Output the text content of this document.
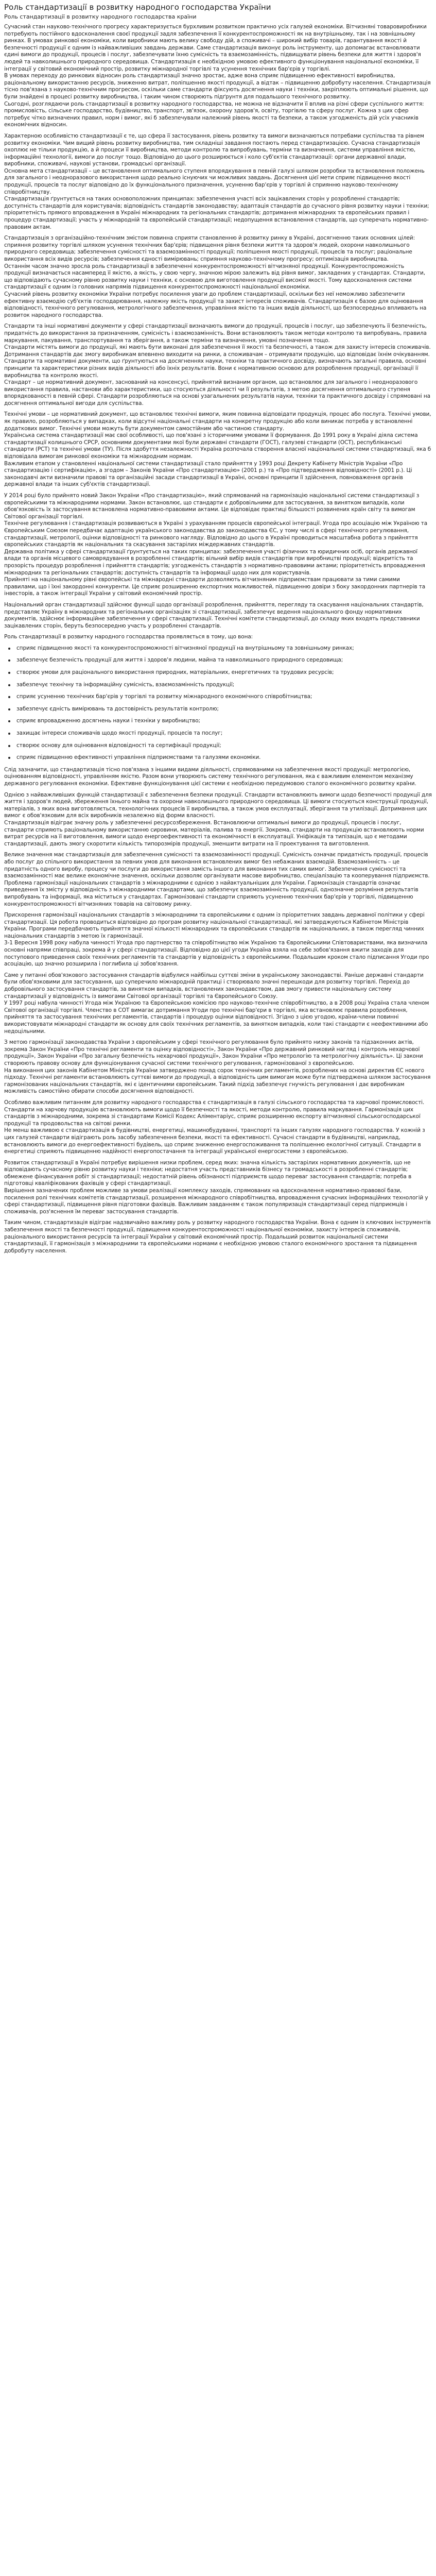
Роль стандартизації в розвитку народного господарства України
Роль стандартизації в розвитку народного господарства країни

Сучасний стан науково-технічного прогресу характеризується бурхливим розвитком практично усіх галузей економіки. Вітчизняні товаровиробники потребують постійного вдосконалення своєї продукції задля забезпечення її конкурентоспроможності як на внутрішньому, так і на зовнішньому ринках. В умовах ринкової економіки, коли виробники мають велику свободу дій, а споживачі – широкий вибір товарів, гарантування якості й безпечності продукції є одним із найважливіших завдань держави. Саме стандартизація виконує роль інструменту, що допомагає встановлювати єдині вимоги до продукції, процесів і послуг, забезпечувати їхню сумісність та взаємозамінність, підвищувати рівень безпеки для життя і здоров'я людей та навколишнього природного середовища. Стандартизація є необхідною умовою ефективного функціонування національної економіки, її інтеграції у світовий економічний простір, розвитку міжнародної торгівлі та усунення технічних бар'єрів у торгівлі.

В умовах переходу до ринкових відносин роль стандартизації значно зростає, адже вона сприяє підвищенню ефективності виробництва, раціональному використанню ресурсів, зниженню витрат, поліпшенню якості продукції, а відтак – підвищенню добробуту населення. Стандартизація тісно пов'язана з науково-технічним прогресом, оскільки саме стандарти фіксують досягнення науки і техніки, закріплюють оптимальні рішення, що були знайдені в процесі розвитку виробництва, і таким чином створюють підґрунтя для подальшого технічного розвитку.

Сьогодні, розглядаючи роль стандартизації в розвитку народного господарства, не можна не відзначити її вплив на різні сфери суспільного життя: промисловість, сільське господарство, будівництво, транспорт, зв'язок, охорону здоров'я, освіту, торгівлю та сферу послуг. Кожна з цих сфер потребує чітко визначених правил, норм і вимог, які б забезпечували належний рівень якості та безпеки, а також узгодженість дій усіх учасників економічних відносин.

Характерною особливістю стандартизації є те, що сфера її застосування, рівень розвитку та вимоги визначаються потребами суспільства та рівнем розвитку економіки. Чим вищий рівень розвитку виробництва, тим складніші завдання постають перед стандартизацією. Сучасна стандартизація охоплює не тільки продукцію, а й процеси її виробництва, методи контролю та випробувань, терміни та визначення, системи управління якістю, інформаційні технології, вимоги до послуг тощо. Відповідно до цього розширюється і коло суб'єктів стандартизації: органи державної влади, виробники, споживачі, наукові установи, громадські організації.

Основна мета стандартизації – це встановлення оптимального ступеня впорядкування в певній галузі шляхом розробки та встановлення положень для загального і неодноразового використання щодо реально існуючих чи можливих завдань. Досягнення цієї мети сприяє підвищенню якості продукції, процесів та послуг відповідно до їх функціонального призначення, усуненню бар'єрів у торгівлі й сприянню науково-технічному співробітництву.

Стандартизація ґрунтується на таких основоположних принципах: забезпечення участі всіх зацікавлених сторін у розробленні стандартів; доступність стандартів для користувачів; відповідність стандартів законодавству; адаптація стандартів до сучасного рівня розвитку науки і техніки; пріоритетність прямого впровадження в Україні міжнародних та регіональних стандартів; дотримання міжнародних та європейських правил і процедур стандартизації; участь у міжнародній та європейській стандартизації; недопущення встановлення стандартів, що суперечать нормативно-правовим актам.

Стандартизація з організаційно-технічним змістом повинна сприяти становленню й розвитку ринку в Україні, досягненню таких основних цілей: сприяння розвитку торгівлі шляхом усунення технічних бар'єрів; підвищення рівня безпеки життя та здоров'я людей, охорони навколишнього природного середовища; забезпечення сумісності та взаємозамінності продукції; поліпшення якості продукції, процесів та послуг; раціональне використання всіх видів ресурсів; забезпечення єдності вимірювань; сприяння науково-технічному прогресу; оптимізація виробництва.

Останнім часом значно зросла роль стандартизації в забезпеченні конкурентоспроможності вітчизняної продукції. Конкурентоспроможність продукції визначається насамперед її якістю, а якість, у свою чергу, значною мірою залежить від рівня вимог, закладених у стандартах. Стандарти, що відповідають сучасному рівню розвитку науки і техніки, є основою для виготовлення продукції високої якості. Тому вдосконалення системи стандартизації є одним із головних напрямів підвищення конкурентоспроможності національної економіки.

Сучасний рівень розвитку економіки України потребує посилення уваги до проблем стандартизації, оскільки без неї неможливо забезпечити ефективну взаємодію суб'єктів господарювання, належну якість продукції та захист інтересів споживачів. Стандартизація є базою для оцінювання відповідності, технічного регулювання, метрологічного забезпечення, управління якістю та інших видів діяльності, що безпосередньо впливають на розвиток народного господарства.

Стандарти та інші нормативні документи у сфері стандартизації визначають вимоги до продукції, процесів і послуг, що забезпечують її безпечність, придатність до використання за призначенням, сумісність і взаємозамінність. Вони встановлюють також методи контролю та випробувань, правила маркування, пакування, транспортування та зберігання, а також терміни та визначення, умовні позначення тощо.

Стандарти містять вимоги до продукції, які мають бути виконані для забезпечення її якості та безпечності, а також для захисту інтересів споживачів. Дотримання стандартів дає змогу виробникам впевнено виходити на ринки, а споживачам – отримувати продукцію, що відповідає їхнім очікуванням.

Стандарти та нормативні документи, що ґрунтуються на досягненнях науки, техніки та практичного досвіду, визначають загальні правила, основні принципи та характеристики різних видів діяльності або їхніх результатів. Вони є нормативною основою для розроблення продукції, організації її виробництва та контролю якості.

Стандарт – це нормативний документ, заснований на консенсусі, прийнятий визнаним органом, що встановлює для загального і неодноразового використання правила, настанови або характеристики, що стосуються діяльності чи її результатів, з метою досягнення оптимального ступеня впорядкованості в певній сфері. Стандарти розробляються на основі узагальнених результатів науки, техніки та практичного досвіду і спрямовані на досягнення оптимальної вигоди для суспільства.

Технічні умови – це нормативний документ, що встановлює технічні вимоги, яким повинна відповідати продукція, процес або послуга. Технічні умови, як правило, розробляються у випадках, коли відсутні національні стандарти на конкретну продукцію або коли виникає потреба у встановленні додаткових вимог. Технічні умови можуть бути документом самостійним або частиною стандарту.

Українська система стандартизації має свої особливості, що пов'язані з історичними умовами її формування. До 1991 року в Україні діяла система стандартизації колишнього СРСР, основними документами якої були державні стандарти (ГОСТ), галузеві стандарти (ОСТ), республіканські стандарти (РСТ) та технічні умови (ТУ). Після здобуття незалежності Україна розпочала створення власної національної системи стандартизації, яка б відповідала вимогам ринкової економіки та міжнародним нормам.

Важливим етапом у становленні національної системи стандартизації стало прийняття у 1993 році Декрету Кабінету Міністрів України «Про стандартизацію і сертифікацію», а згодом – Законів України «Про стандартизацію» (2001 р.) та «Про підтвердження відповідності» (2001 р.). Ці законодавчі акти визначили правові та організаційні засади стандартизації в Україні, основні принципи її здійснення, повноваження органів державної влади та інших суб'єктів стандартизації.

У 2014 році було прийнято новий Закон України «Про стандартизацію», який спрямований на гармонізацію національної системи стандартизації з європейськими та міжнародними нормами. Закон встановлює, що стандарти є добровільними для застосування, за винятком випадків, коли обов'язковість їх застосування встановлена нормативно-правовими актами. Це відповідає практиці більшості розвинених країн світу та вимогам Світової організації торгівлі.

Технічне регулювання і стандартизація розвиваються в Україні з урахуванням процесів європейської інтеграції. Угода про асоціацію між Україною та Європейським Союзом передбачає адаптацію українського законодавства до законодавства ЄС, у тому числі в сфері технічного регулювання, стандартизації, метрології, оцінки відповідності та ринкового нагляду. Відповідно до цього в Україні проводиться масштабна робота з прийняття європейських стандартів як національних та скасування застарілих міждержавних стандартів.

Державна політика у сфері стандартизації ґрунтується на таких принципах: забезпечення участі фізичних та юридичних осіб, органів державної влади та органів місцевого самоврядування в розробленні стандартів; вільний вибір видів стандартів при виробництві продукції; відкритість та прозорість процедур розроблення і прийняття стандартів; узгодженість стандартів з нормативно-правовими актами; пріоритетність впровадження міжнародних та регіональних стандартів; доступність стандартів та інформації щодо них для користувачів.

Прийняті на національному рівні європейські та міжнародні стандарти дозволяють вітчизняним підприємствам працювати за тими самими правилами, що і їхні закордонні конкуренти. Це сприяє розширенню експортних можливостей, підвищенню довіри з боку закордонних партнерів та інвесторів, а також інтеграції України у світовий економічний простір.

Національний орган стандартизації здійснює функції щодо організації розроблення, прийняття, перегляду та скасування національних стандартів, представляє Україну в міжнародних та регіональних організаціях зі стандартизації, забезпечує ведення національного фонду нормативних документів, здійснює інформаційне забезпечення у сфері стандартизації. Технічні комітети стандартизації, до складу яких входять представники зацікавлених сторін, беруть безпосередню участь у розробленні стандартів.

Роль стандартизації в розвитку народного господарства проявляється в тому, що вона:

сприяє підвищенню якості та конкурентоспроможності вітчизняної продукції на внутрішньому та зовнішньому ринках;
забезпечує безпечність продукції для життя і здоров'я людини, майна та навколишнього природного середовища;
створює умови для раціонального використання природних, матеріальних, енергетичних та трудових ресурсів;
забезпечує технічну та інформаційну сумісність, взаємозамінність продукції;
сприяє усуненню технічних бар'єрів у торгівлі та розвитку міжнародного економічного співробітництва;
забезпечує єдність вимірювань та достовірність результатів контролю;
сприяє впровадженню досягнень науки і техніки у виробництво;
захищає інтереси споживачів щодо якості продукції, процесів та послуг;
створює основу для оцінювання відповідності та сертифікації продукції;
сприяє підвищенню ефективності управління підприємствами та галузями економіки.

Слід зазначити, що стандартизація тісно пов'язана з іншими видами діяльності, спрямованими на забезпечення якості продукції: метрологією, оцінюванням відповідності, управлінням якістю. Разом вони утворюють систему технічного регулювання, яка є важливим елементом механізму державного регулювання економіки. Ефективне функціонування цієї системи є необхідною передумовою сталого економічного розвитку країни.

Однією з найважливіших функцій стандартизації є забезпечення безпеки продукції. Стандарти встановлюють вимоги щодо безпечності продукції для життя і здоров'я людей, збереження їхнього майна та охорони навколишнього природного середовища. Ці вимоги стосуються конструкції продукції, матеріалів, з яких вона виготовляється, технологічних процесів її виробництва, а також умов експлуатації, зберігання та утилізації. Дотримання цих вимог є обов'язковим для всіх виробників незалежно від форми власності.

Стандартизація відіграє значну роль у забезпеченні ресурсозбереження. Встановлюючи оптимальні вимоги до продукції, процесів і послуг, стандарти сприяють раціональному використанню сировини, матеріалів, палива та енергії. Зокрема, стандарти на продукцію встановлюють норми витрат ресурсів на її виготовлення, вимоги щодо енергоефективності та економічності в експлуатації. Уніфікація та типізація, що є методами стандартизації, дають змогу скоротити кількість типорозмірів продукції, зменшити витрати на її проектування та виготовлення.

Велике значення має стандартизація для забезпечення сумісності та взаємозамінності продукції. Сумісність означає придатність продукції, процесів або послуг до спільного використання за певних умов для виконання встановлених вимог без небажаних взаємодій. Взаємозамінність – це придатність одного виробу, процесу чи послуги до використання замість іншого для виконання тих самих вимог. Забезпечення сумісності та взаємозамінності має велике економічне значення, оскільки дозволяє організувати масове виробництво, спеціалізацію та кооперування підприємств.

Проблема гармонізації національних стандартів з міжнародними є однією з найактуальніших для України. Гармонізація стандартів означає приведення їх змісту у відповідність з міжнародними стандартами, що забезпечує взаємозамінність продукції, однозначне розуміння результатів випробувань та інформації, яка міститься у стандартах. Гармонізовані стандарти сприяють усуненню технічних бар'єрів у торгівлі, підвищенню конкурентоспроможності вітчизняних товарів на світовому ринку.

Прискорення гармонізації національних стандартів з міжнародними та європейськими є одним із пріоритетних завдань державної політики у сфері стандартизації. Ця робота проводиться відповідно до програм розвитку національної стандартизації, які затверджуються Кабінетом Міністрів України. Програми передбачають прийняття значної кількості міжнародних та європейських стандартів як національних, а також перегляд чинних національних стандартів з метою їх гармонізації.

3-1 Вересня 1998 року набула чинності Угода про партнерство та співробітництво між Україною та Європейськими Співтовариствами, яка визначила основні напрями співпраці, зокрема й у сфері стандартизації. Відповідно до цієї угоди Україна взяла на себе зобов'язання вжити заходів для поступового приведення своїх технічних регламентів та стандартів у відповідність з європейськими. Подальшим кроком стало підписання Угоди про асоціацію, що значно розширила і поглибила ці зобов'язання.

Саме у питанні обов'язкового застосування стандартів відбулися найбільш суттєві зміни в українському законодавстві. Раніше державні стандарти були обов'язковими для застосування, що суперечило міжнародній практиці і створювало значні перешкоди для розвитку торгівлі. Перехід до добровільного застосування стандартів, за винятком випадків, встановлених законодавством, дав змогу привести національну систему стандартизації у відповідність із вимогами Світової організації торгівлі та Європейського Союзу.

У 1997 році набула чинності Угода між Україною та Європейською комісією про науково-технічне співробітництво, а в 2008 році Україна стала членом Світової організації торгівлі. Членство в СОТ вимагає дотримання Угоди про технічні бар'єри в торгівлі, яка встановлює правила розроблення, прийняття та застосування технічних регламентів, стандартів і процедур оцінки відповідності. Згідно з цією угодою, країни-члени повинні використовувати міжнародні стандарти як основу для своїх технічних регламентів, за винятком випадків, коли такі стандарти є неефективними або недоцільними.

З метою гармонізації законодавства України з європейським у сфері технічного регулювання було прийнято низку законів та підзаконних актів, зокрема Закон України «Про технічні регламенти та оцінку відповідності», Закон України «Про державний ринковий нагляд і контроль нехарчової продукції», Закон України «Про загальну безпечність нехарчової продукції», Закон України «Про метрологію та метрологічну діяльність». Ці закони створюють правову основу для функціонування сучасної системи технічного регулювання, гармонізованої з європейською.

На виконання цих законів Кабінетом Міністрів України затверджено понад сорок технічних регламентів, розроблених на основі директив ЄС нового підходу. Технічні регламенти встановлюють суттєві вимоги до продукції, а відповідність цим вимогам може бути підтверджена шляхом застосування гармонізованих національних стандартів, які є ідентичними європейським. Такий підхід забезпечує гнучкість регулювання і дає виробникам можливість самостійно обирати способи досягнення відповідності.

Особливо важливим питанням для розвитку народного господарства є стандартизація в галузі сільського господарства та харчової промисловості. Стандарти на харчову продукцію встановлюють вимоги щодо її безпечності та якості, методи контролю, правила маркування. Гармонізація цих стандартів з міжнародними, зокрема зі стандартами Комісії Кодекс Аліментаріус, сприяє розширенню експорту вітчизняної сільськогосподарської продукції та продовольства на світові ринки.

Не менш важливою є стандартизація в будівництві, енергетиці, машинобудуванні, транспорті та інших галузях народного господарства. У кожній з цих галузей стандарти відіграють роль засобу забезпечення безпеки, якості та ефективності. Сучасні стандарти в будівництві, наприклад, встановлюють вимоги до енергоефективності будівель, що сприяє зниженню енергоспоживання та поліпшенню екологічної ситуації. Стандарти в енергетиці сприяють підвищенню надійності енергопостачання та інтеграції української енергосистеми з європейською.

Розвиток стандартизації в Україні потребує вирішення низки проблем, серед яких: значна кількість застарілих нормативних документів, що не відповідають сучасному рівню розвитку науки і техніки; недостатня участь представників бізнесу та громадськості в розробленні стандартів; обмежене фінансування робіт зі стандартизації; недостатній рівень обізнаності підприємств щодо переваг застосування стандартів; потреба в підготовці кваліфікованих фахівців у сфері стандартизації.

Вирішення зазначених проблем можливе за умови реалізації комплексу заходів, спрямованих на вдосконалення нормативно-правової бази, посилення ролі технічних комітетів стандартизації, розширення міжнародного співробітництва, впровадження сучасних інформаційних технологій у сфері стандартизації, підвищення рівня підготовки фахівців. Важливим завданням є також популяризація стандартизації серед підприємців і споживачів, роз'яснення їм переваг застосування стандартів.

Таким чином, стандартизація відіграє надзвичайно важливу роль у розвитку народного господарства України. Вона є одним із ключових інструментів забезпечення якості та безпечності продукції, підвищення конкурентоспроможності національної економіки, захисту інтересів споживачів, раціонального використання ресурсів та інтеграції України у світовий економічний простір. Подальший розвиток національної системи стандартизації, її гармонізація з міжнародними та європейськими нормами є необхідною умовою сталого економічного зростання та підвищення добробуту населення.
